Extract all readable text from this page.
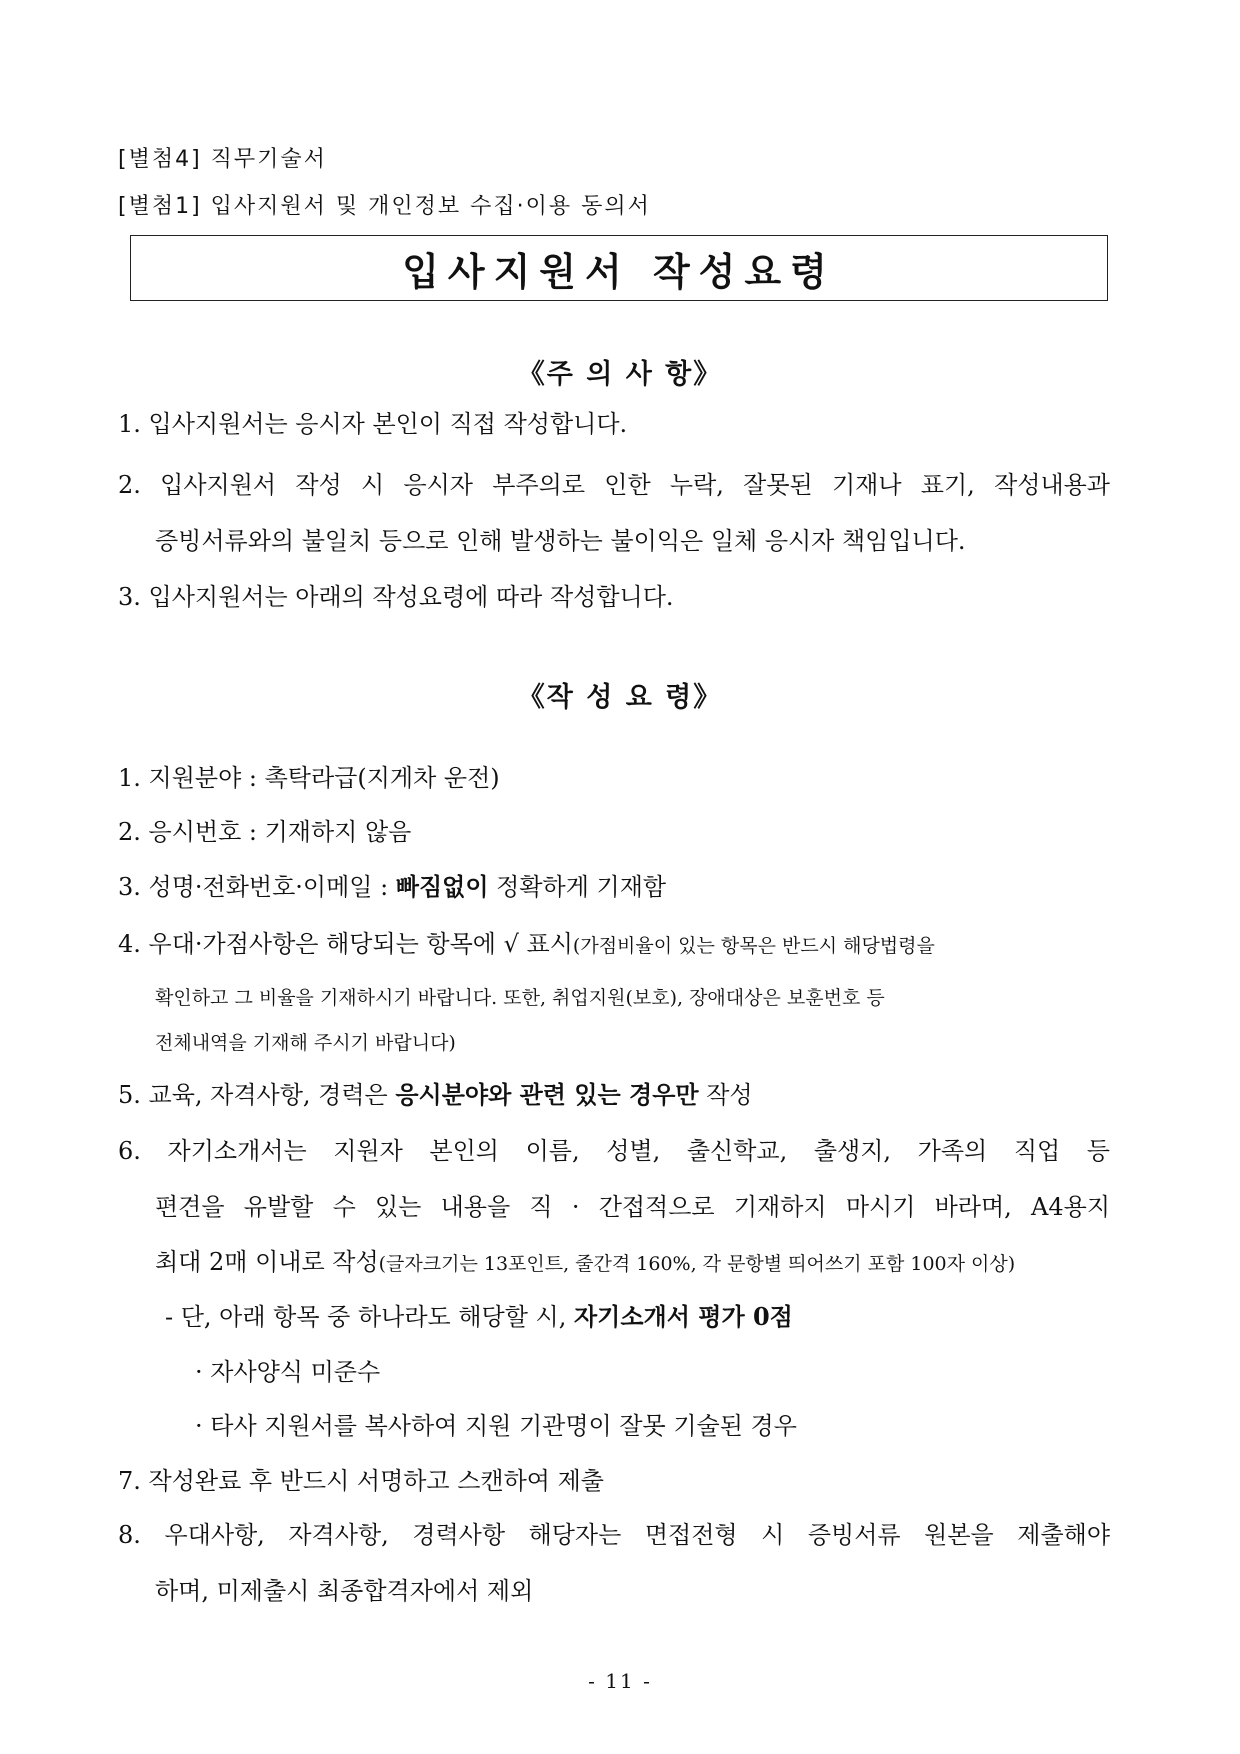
[별첨4] 직무기술서

[별첨1] 입사지원서 및 개인정보 수집·이용 동의서

입사지원서 작성요령
《주 의 사 항》

1. 입사지원서는 응시자 본인이 직접 작성합니다.

2. 입사지원서 작성 시 응시자 부주의로 인한 누락, 잘못된 기재나 표기, 작성내용과

증빙서류와의 불일치 등으로 인해 발생하는 불이익은 일체 응시자 책임입니다.

3. 입사지원서는 아래의 작성요령에 따라 작성합니다.

《작 성 요 령》

1. 지원분야 : 촉탁라급(지게차 운전)

2. 응시번호 : 기재하지 않음

3. 성명·전화번호·이메일 : 빠짐없이 정확하게 기재함

4. 우대·가점사항은 해당되는 항목에 √ 표시(가점비율이 있는 항목은 반드시 해당법령을

확인하고 그 비율을 기재하시기 바랍니다. 또한, 취업지원(보호), 장애대상은 보훈번호 등

전체내역을 기재해 주시기 바랍니다)

5. 교육, 자격사항, 경력은 응시분야와 관련 있는 경우만 작성

6. 자기소개서는 지원자 본인의 이름, 성별, 출신학교, 출생지, 가족의 직업 등

편견을 유발할 수 있는 내용을 직 · 간접적으로 기재하지 마시기 바라며, A4용지

최대 2매 이내로 작성(글자크기는 13포인트, 줄간격 160%, 각 문항별 띄어쓰기 포함 100자 이상)

- 단, 아래 항목 중 하나라도 해당할 시, 자기소개서 평가 0점

· 자사양식 미준수

· 타사 지원서를 복사하여 지원 기관명이 잘못 기술된 경우

7. 작성완료 후 반드시 서명하고 스캔하여 제출

8. 우대사항, 자격사항, 경력사항 해당자는 면접전형 시 증빙서류 원본을 제출해야

하며, 미제출시 최종합격자에서 제외

- 11 -
